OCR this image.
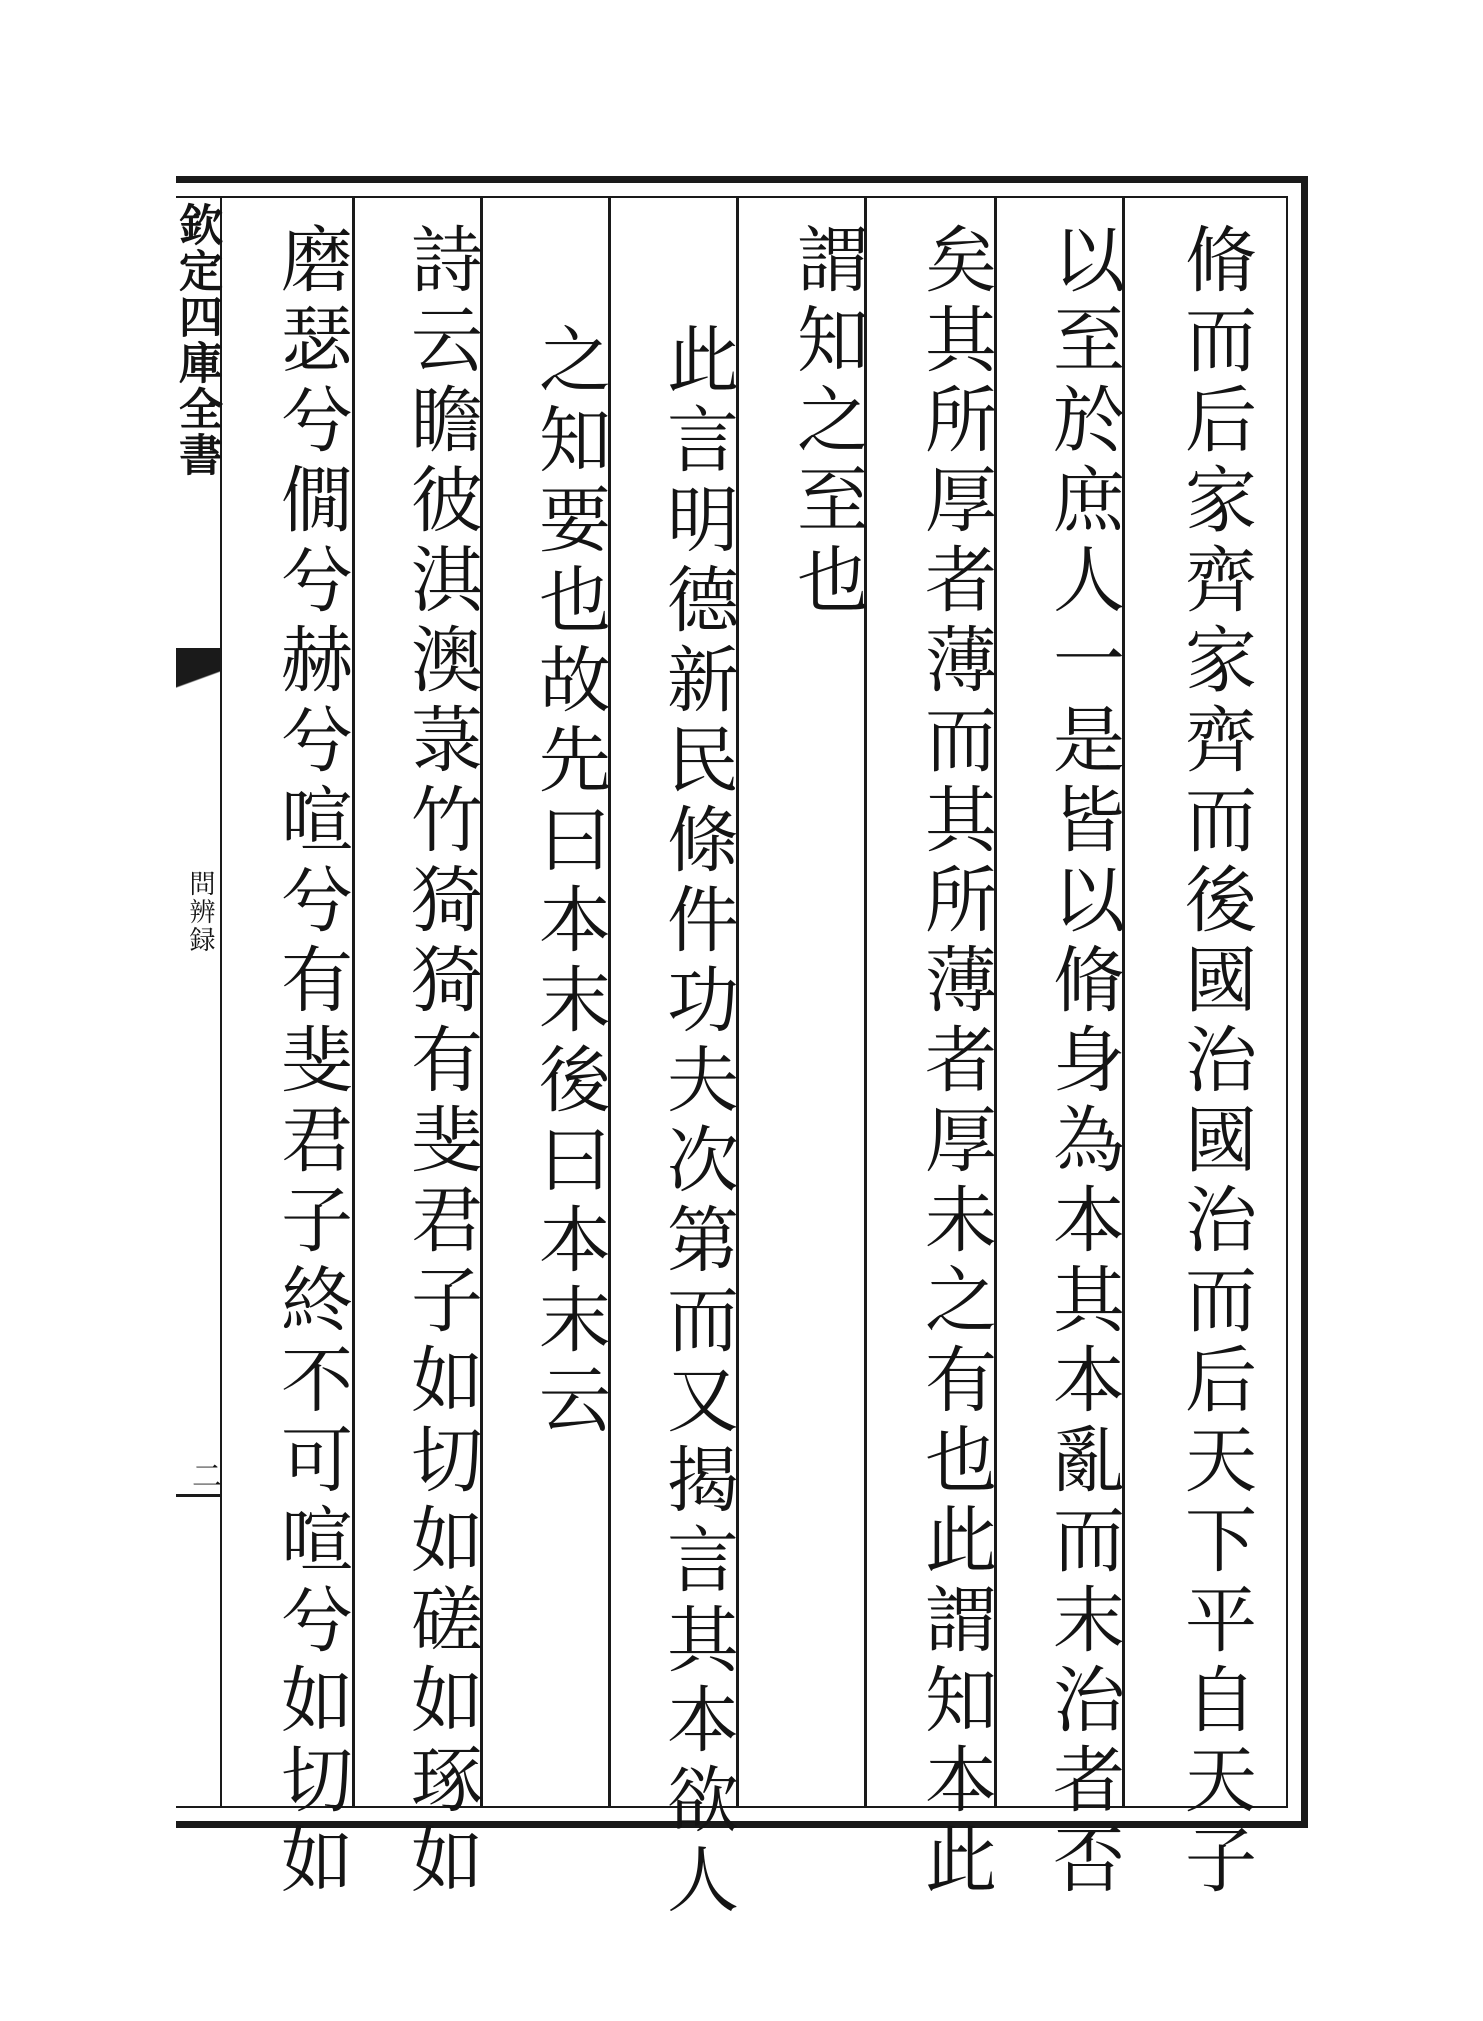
欽定四庫全書
問辨録
二	脩而后家齊家齊而後國治國治而后天下平自天子
以至於庶人一是皆以脩身為本其本亂而末治者否
矣其所厚者薄而其所薄者厚未之有也此謂知本此
謂知之至也
此言明德新民條件功夫次第而又揭言其本欲人
之知要也故先曰本末後曰本末云
詩云瞻彼淇澳菉竹猗猗有斐君子如切如磋如琢如
磨瑟兮僩兮赫兮喧兮有斐君子終不可喧兮如切如
